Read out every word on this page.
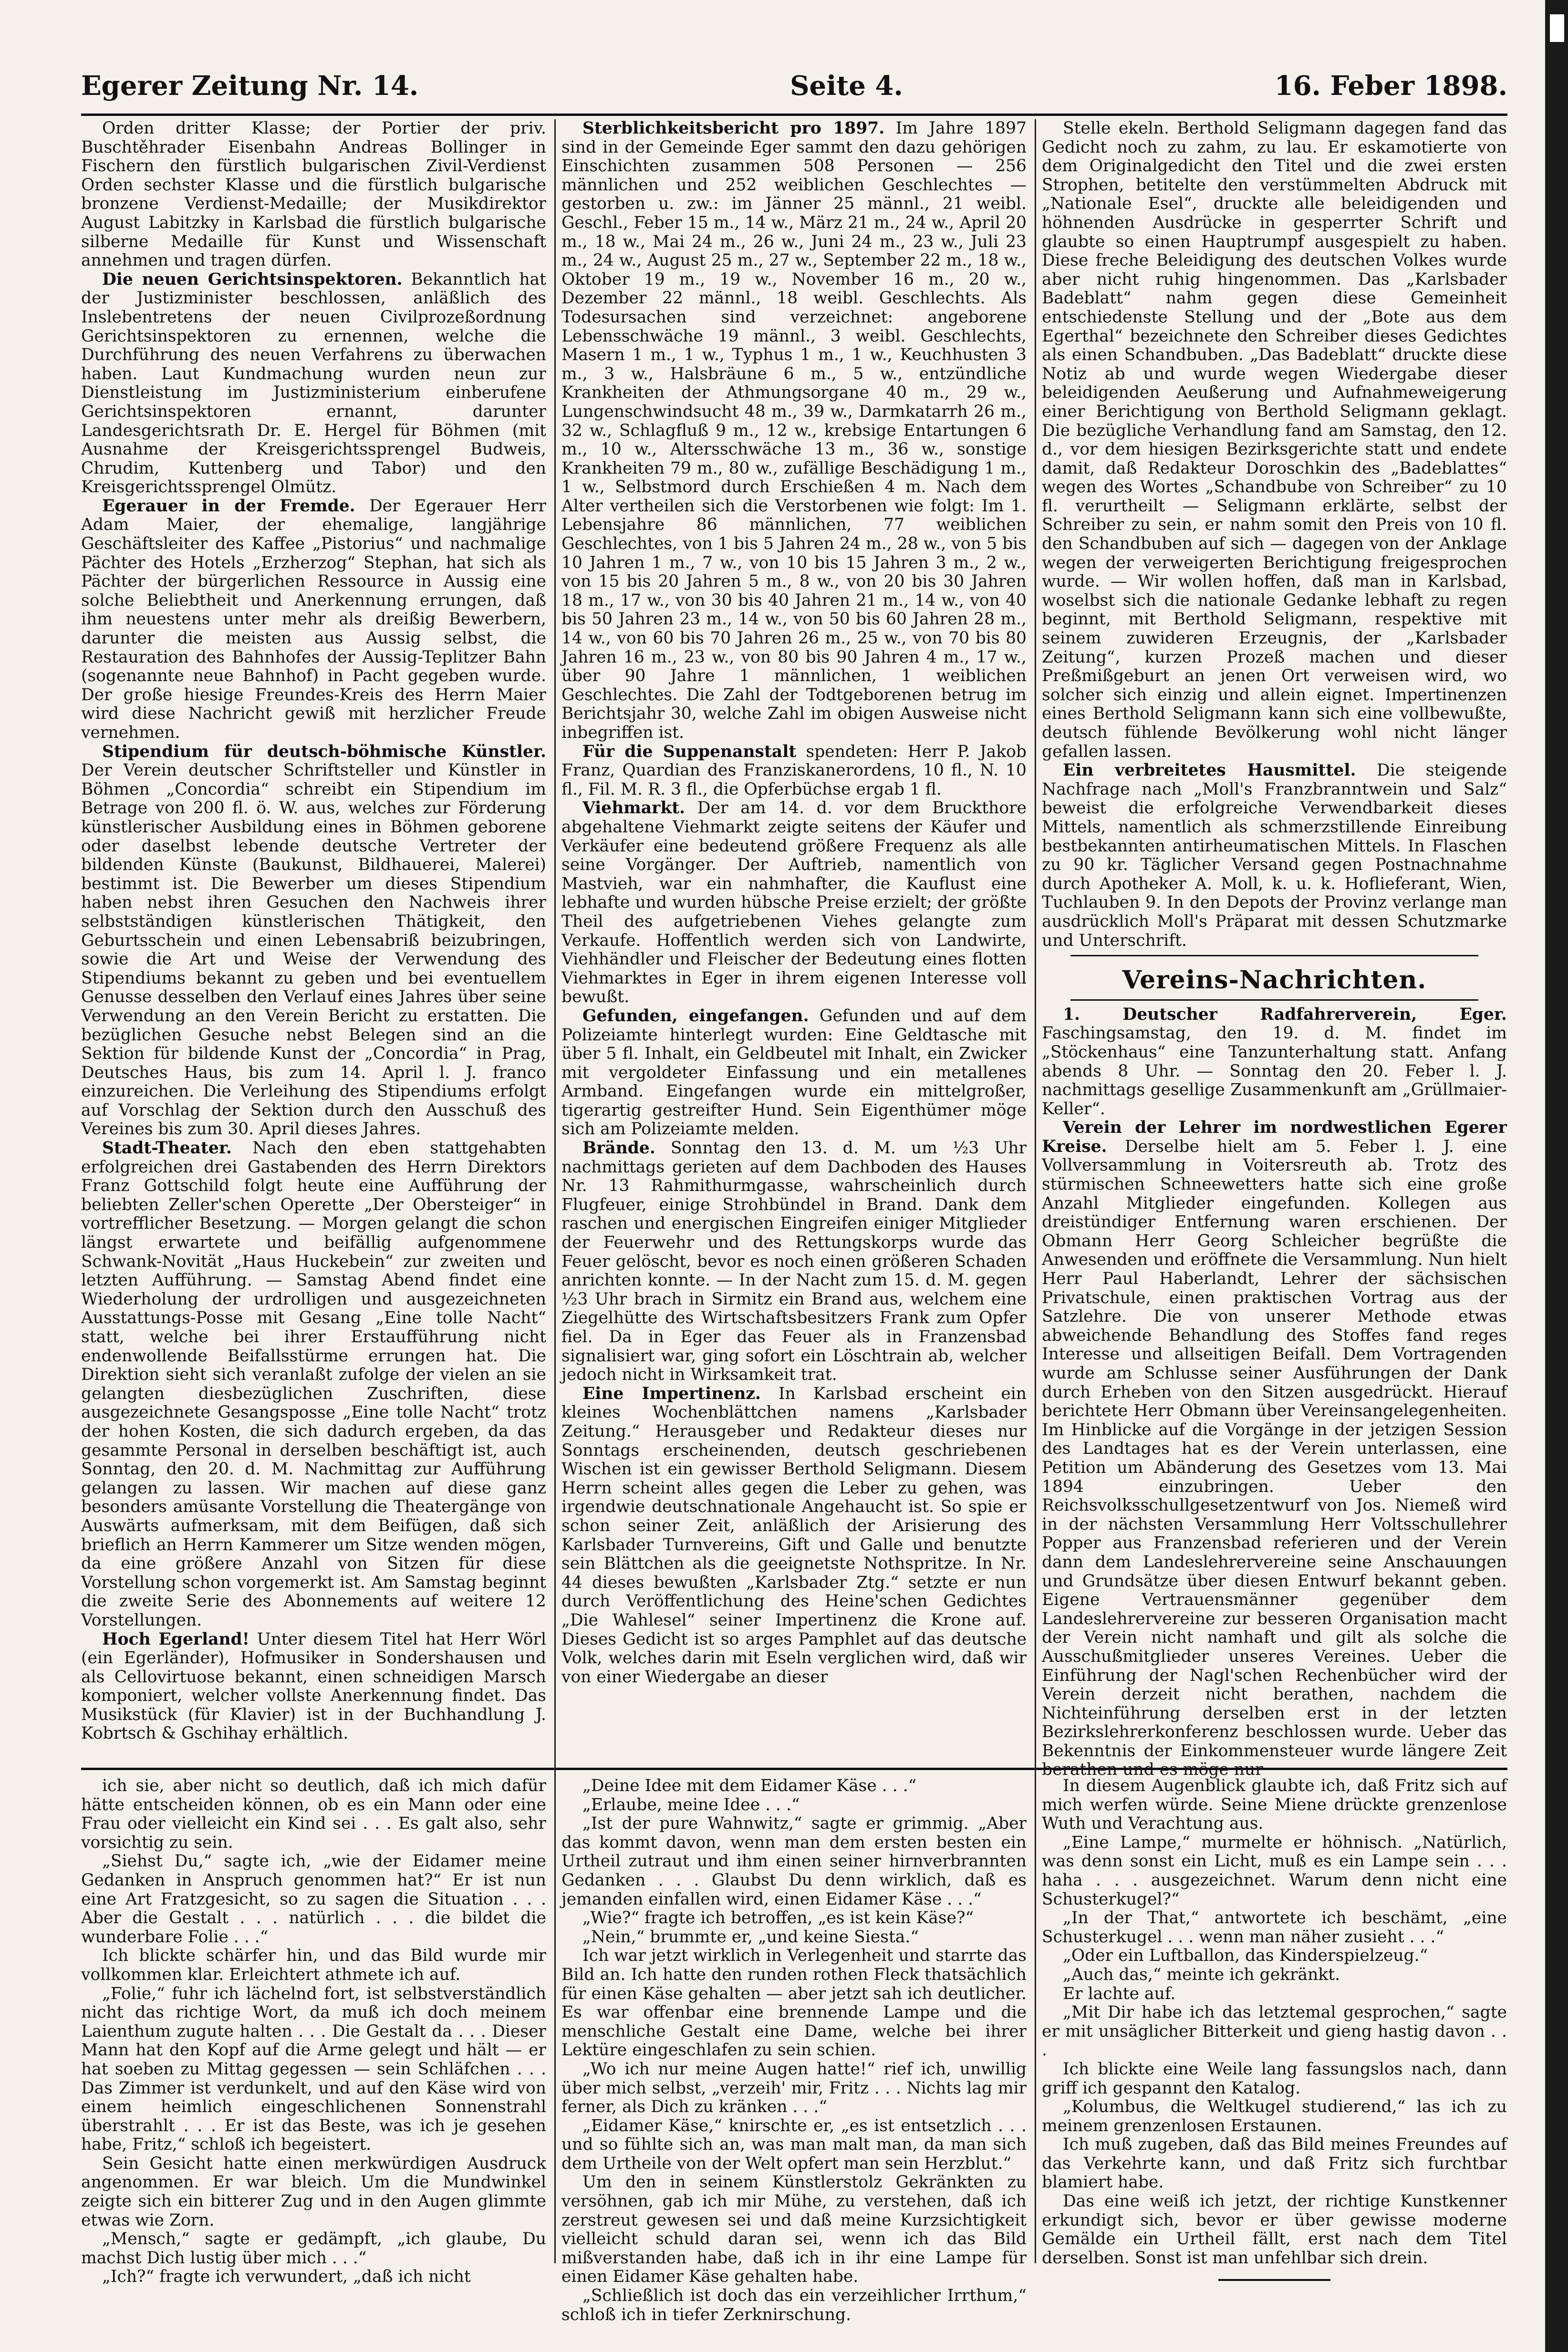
Egerer Zeitung Nr. 14.	Seite 4.	16. Feber 1898.

Orden dritter Klasse; der Portier der priv. Buschtěhrader Eisenbahn Andreas Bollinger in Fischern den fürstlich bulgarischen Zivil-Verdienst Orden sechster Klasse und die fürstlich bulgarische bronzene Verdienst-Medaille; der Musikdirektor August Labitzky in Karlsbad die fürstlich bulgarische silberne Medaille für Kunst und Wissenschaft annehmen und tragen dürfen.

Die neuen Gerichtsinspektoren. Bekanntlich hat der Justizminister beschlossen, anläßlich des Inslebentretens der neuen Civilprozeßordnung Gerichtsinspektoren zu ernennen, welche die Durchführung des neuen Verfahrens zu überwachen haben. Laut Kundmachung wurden neun zur Dienstleistung im Justizministerium einberufene Gerichtsinspektoren ernannt, darunter Landesgerichtsrath Dr. E. Hergel für Böhmen (mit Ausnahme der Kreisgerichtssprengel Budweis, Chrudim, Kuttenberg und Tabor) und den Kreisgerichtssprengel Olmütz.

Egerauer in der Fremde. Der Egerauer Herr Adam Maier, der ehemalige, langjährige Geschäftsleiter des Kaffee „Pistorius“ und nachmalige Pächter des Hotels „Erzherzog“ Stephan, hat sich als Pächter der bürgerlichen Ressource in Aussig eine solche Beliebtheit und Anerkennung errungen, daß ihm neuestens unter mehr als dreißig Bewerbern, darunter die meisten aus Aussig selbst, die Restauration des Bahnhofes der Aussig-Teplitzer Bahn (sogenannte neue Bahnhof) in Pacht gegeben wurde. Der große hiesige Freundes-Kreis des Herrn Maier wird diese Nachricht gewiß mit herzlicher Freude vernehmen.

Stipendium für deutsch-böhmische Künstler. Der Verein deutscher Schriftsteller und Künstler in Böhmen „Concordia“ schreibt ein Stipendium im Betrage von 200 fl. ö. W. aus, welches zur Förderung künstlerischer Ausbildung eines in Böhmen geborene oder daselbst lebende deutsche Vertreter der bildenden Künste (Baukunst, Bildhauerei, Malerei) bestimmt ist. Die Bewerber um dieses Stipendium haben nebst ihren Gesuchen den Nachweis ihrer selbstständigen künstlerischen Thätigkeit, den Geburtsschein und einen Lebensabriß beizubringen, sowie die Art und Weise der Verwendung des Stipendiums bekannt zu geben und bei eventuellem Genusse desselben den Verlauf eines Jahres über seine Verwendung an den Verein Bericht zu erstatten. Die bezüglichen Gesuche nebst Belegen sind an die Sektion für bildende Kunst der „Concordia“ in Prag, Deutsches Haus, bis zum 14. April l. J. franco einzureichen. Die Verleihung des Stipendiums erfolgt auf Vorschlag der Sektion durch den Ausschuß des Vereines bis zum 30. April dieses Jahres.

Stadt-Theater. Nach den eben stattgehabten erfolgreichen drei Gastabenden des Herrn Direktors Franz Gottschild folgt heute eine Aufführung der beliebten Zeller'schen Operette „Der Obersteiger“ in vortrefflicher Besetzung. — Morgen gelangt die schon längst erwartete und beifällig aufgenommene Schwank-Novität „Haus Huckebein“ zur zweiten und letzten Aufführung. — Samstag Abend findet eine Wiederholung der urdrolligen und ausgezeichneten Ausstattungs-Posse mit Gesang „Eine tolle Nacht“ statt, welche bei ihrer Erstaufführung nicht endenwollende Beifallsstürme errungen hat. Die Direktion sieht sich veranlaßt zufolge der vielen an sie gelangten diesbezüglichen Zuschriften, diese ausgezeichnete Gesangsposse „Eine tolle Nacht“ trotz der hohen Kosten, die sich dadurch ergeben, da das gesammte Personal in derselben beschäftigt ist, auch Sonntag, den 20. d. M. Nachmittag zur Aufführung gelangen zu lassen. Wir machen auf diese ganz besonders amüsante Vorstellung die Theatergänge von Auswärts aufmerksam, mit dem Beifügen, daß sich brieflich an Herrn Kammerer um Sitze wenden mögen, da eine größere Anzahl von Sitzen für diese Vorstellung schon vorgemerkt ist. Am Samstag beginnt die zweite Serie des Abonnements auf weitere 12 Vorstellungen.

Hoch Egerland! Unter diesem Titel hat Herr Wörl (ein Egerländer), Hofmusiker in Sondershausen und als Cellovirtuose bekannt, einen schneidigen Marsch komponiert, welcher vollste Anerkennung findet. Das Musikstück (für Klavier) ist in der Buchhandlung J. Kobrtsch & Gschihay erhältlich.

Sterblichkeitsbericht pro 1897. Im Jahre 1897 sind in der Gemeinde Eger sammt den dazu gehörigen Einschichten zusammen 508 Personen — 256 männlichen und 252 weiblichen Geschlechtes — gestorben u. zw.: im Jänner 25 männl., 21 weibl. Geschl., Feber 15 m., 14 w., März 21 m., 24 w., April 20 m., 18 w., Mai 24 m., 26 w., Juni 24 m., 23 w., Juli 23 m., 24 w., August 25 m., 27 w., September 22 m., 18 w., Oktober 19 m., 19 w., November 16 m., 20 w., Dezember 22 männl., 18 weibl. Geschlechts. Als Todesursachen sind verzeichnet: angeborene Lebensschwäche 19 männl., 3 weibl. Geschlechts, Masern 1 m., 1 w., Typhus 1 m., 1 w., Keuchhusten 3 m., 3 w., Halsbräune 6 m., 5 w., entzündliche Krankheiten der Athmungsorgane 40 m., 29 w., Lungenschwindsucht 48 m., 39 w., Darmkatarrh 26 m., 32 w., Schlagfluß 9 m., 12 w., krebsige Entartungen 6 m., 10 w., Altersschwäche 13 m., 36 w., sonstige Krankheiten 79 m., 80 w., zufällige Beschädigung 1 m., 1 w., Selbstmord durch Erschießen 4 m. Nach dem Alter vertheilen sich die Verstorbenen wie folgt: Im 1. Lebensjahre 86 männlichen, 77 weiblichen Geschlechtes, von 1 bis 5 Jahren 24 m., 28 w., von 5 bis 10 Jahren 1 m., 7 w., von 10 bis 15 Jahren 3 m., 2 w., von 15 bis 20 Jahren 5 m., 8 w., von 20 bis 30 Jahren 18 m., 17 w., von 30 bis 40 Jahren 21 m., 14 w., von 40 bis 50 Jahren 23 m., 14 w., von 50 bis 60 Jahren 28 m., 14 w., von 60 bis 70 Jahren 26 m., 25 w., von 70 bis 80 Jahren 16 m., 23 w., von 80 bis 90 Jahren 4 m., 17 w., über 90 Jahre 1 männlichen, 1 weiblichen Geschlechtes. Die Zahl der Todtgeborenen betrug im Berichtsjahr 30, welche Zahl im obigen Ausweise nicht inbegriffen ist.

Für die Suppenanstalt spendeten: Herr P. Jakob Franz, Quardian des Franziskanerordens, 10 fl., N. 10 fl., Fil. M. R. 3 fl., die Opferbüchse ergab 1 fl.

Viehmarkt. Der am 14. d. vor dem Bruckthore abgehaltene Viehmarkt zeigte seitens der Käufer und Verkäufer eine bedeutend größere Frequenz als alle seine Vorgänger. Der Auftrieb, namentlich von Mastvieh, war ein nahmhafter, die Kauflust eine lebhafte und wurden hübsche Preise erzielt; der größte Theil des aufgetriebenen Viehes gelangte zum Verkaufe. Hoffentlich werden sich von Landwirte, Viehhändler und Fleischer der Bedeutung eines flotten Viehmarktes in Eger in ihrem eigenen Interesse voll bewußt.

Gefunden, eingefangen. Gefunden und auf dem Polizeiamte hinterlegt wurden: Eine Geldtasche mit über 5 fl. Inhalt, ein Geldbeutel mit Inhalt, ein Zwicker mit vergoldeter Einfassung und ein metallenes Armband. Eingefangen wurde ein mittelgroßer, tigerartig gestreifter Hund. Sein Eigenthümer möge sich am Polizeiamte melden.

Brände. Sonntag den 13. d. M. um ½3 Uhr nachmittags gerieten auf dem Dachboden des Hauses Nr. 13 Rahmithurmgasse, wahrscheinlich durch Flugfeuer, einige Strohbündel in Brand. Dank dem raschen und energischen Eingreifen einiger Mitglieder der Feuerwehr und des Rettungskorps wurde das Feuer gelöscht, bevor es noch einen größeren Schaden anrichten konnte. — In der Nacht zum 15. d. M. gegen ½3 Uhr brach in Sirmitz ein Brand aus, welchem eine Ziegelhütte des Wirtschaftsbesitzers Frank zum Opfer fiel. Da in Eger das Feuer als in Franzensbad signalisiert war, ging sofort ein Löschtrain ab, welcher jedoch nicht in Wirksamkeit trat.

Eine Impertinenz. In Karlsbad erscheint ein kleines Wochenblättchen namens „Karlsbader Zeitung.“ Herausgeber und Redakteur dieses nur Sonntags erscheinenden, deutsch geschriebenen Wischen ist ein gewisser Berthold Seligmann. Diesem Herrn scheint alles gegen die Leber zu gehen, was irgendwie deutschnationale Angehaucht ist. So spie er schon seiner Zeit, anläßlich der Arisierung des Karlsbader Turnvereins, Gift und Galle und benutzte sein Blättchen als die geeignetste Nothspritze. In Nr. 44 dieses bewußten „Karlsbader Ztg.“ setzte er nun durch Veröffentlichung des Heine'schen Gedichtes „Die Wahlesel“ seiner Impertinenz die Krone auf. Dieses Gedicht ist so arges Pamphlet auf das deutsche Volk, welches darin mit Eseln verglichen wird, daß wir von einer Wiedergabe an dieser

Stelle ekeln. Berthold Seligmann dagegen fand das Gedicht noch zu zahm, zu lau. Er eskamotierte von dem Originalgedicht den Titel und die zwei ersten Strophen, betitelte den verstümmelten Abdruck mit „Nationale Esel“, druckte alle beleidigenden und höhnenden Ausdrücke in gesperrter Schrift und glaubte so einen Hauptrumpf ausgespielt zu haben. Diese freche Beleidigung des deutschen Volkes wurde aber nicht ruhig hingenommen. Das „Karlsbader Badeblatt“ nahm gegen diese Gemeinheit entschiedenste Stellung und der „Bote aus dem Egerthal“ bezeichnete den Schreiber dieses Gedichtes als einen Schandbuben. „Das Badeblatt“ druckte diese Notiz ab und wurde wegen Wiedergabe dieser beleidigenden Aeußerung und Aufnahmeweigerung einer Berichtigung von Berthold Seligmann geklagt. Die bezügliche Verhandlung fand am Samstag, den 12. d., vor dem hiesigen Bezirksgerichte statt und endete damit, daß Redakteur Doroschkin des „Badeblattes“ wegen des Wortes „Schandbube von Schreiber“ zu 10 fl. verurtheilt — Seligmann erklärte, selbst der Schreiber zu sein, er nahm somit den Preis von 10 fl. den Schandbuben auf sich — dagegen von der Anklage wegen der verweigerten Berichtigung freigesprochen wurde. — Wir wollen hoffen, daß man in Karlsbad, woselbst sich die nationale Gedanke lebhaft zu regen beginnt, mit Berthold Seligmann, respektive mit seinem zuwideren Erzeugnis, der „Karlsbader Zeitung“, kurzen Prozeß machen und dieser Preßmißgeburt an jenen Ort verweisen wird, wo solcher sich einzig und allein eignet. Impertinenzen eines Berthold Seligmann kann sich eine vollbewußte, deutsch fühlende Bevölkerung wohl nicht länger gefallen lassen.

Ein verbreitetes Hausmittel. Die steigende Nachfrage nach „Moll's Franzbranntwein und Salz“ beweist die erfolgreiche Verwendbarkeit dieses Mittels, namentlich als schmerzstillende Einreibung bestbekannten antirheumatischen Mittels. In Flaschen zu 90 kr. Täglicher Versand gegen Postnachnahme durch Apotheker A. Moll, k. u. k. Hoflieferant, Wien, Tuchlauben 9. In den Depots der Provinz verlange man ausdrücklich Moll's Präparat mit dessen Schutzmarke und Unterschrift.

Vereins-Nachrichten.

1. Deutscher Radfahrerverein, Eger. Faschingsamstag, den 19. d. M. findet im „Stöckenhaus“ eine Tanzunterhaltung statt. Anfang abends 8 Uhr. — Sonntag den 20. Feber l. J. nachmittags gesellige Zusammenkunft am „Grüllmaier-Keller“.

Verein der Lehrer im nordwestlichen Egerer Kreise. Derselbe hielt am 5. Feber l. J. eine Vollversammlung in Voitersreuth ab. Trotz des stürmischen Schneewetters hatte sich eine große Anzahl Mitglieder eingefunden. Kollegen aus dreistündiger Entfernung waren erschienen. Der Obmann Herr Georg Schleicher begrüßte die Anwesenden und eröffnete die Versammlung. Nun hielt Herr Paul Haberlandt, Lehrer der sächsischen Privatschule, einen praktischen Vortrag aus der Satzlehre. Die von unserer Methode etwas abweichende Behandlung des Stoffes fand reges Interesse und allseitigen Beifall. Dem Vortragenden wurde am Schlusse seiner Ausführungen der Dank durch Erheben von den Sitzen ausgedrückt. Hierauf berichtete Herr Obmann über Vereinsangelegenheiten. Im Hinblicke auf die Vorgänge in der jetzigen Session des Landtages hat es der Verein unterlassen, eine Petition um Abänderung des Gesetzes vom 13. Mai 1894 einzubringen. Ueber den Reichsvolksschullgesetzentwurf von Jos. Niemeß wird in der nächsten Versammlung Herr Voltsschullehrer Popper aus Franzensbad referieren und der Verein dann dem Landeslehrervereine seine Anschauungen und Grundsätze über diesen Entwurf bekannt geben. Eigene Vertrauensmänner gegenüber dem Landeslehrervereine zur besseren Organisation macht der Verein nicht namhaft und gilt als solche die Ausschußmitglieder unseres Vereines. Ueber die Einführung der Nagl'schen Rechenbücher wird der Verein derzeit nicht berathen, nachdem die Nichteinführung derselben erst in der letzten Bezirkslehrerkonferenz beschlossen wurde. Ueber das Bekenntnis der Einkommensteuer wurde längere Zeit

ich sie, aber nicht so deutlich, daß ich mich dafür hätte entscheiden können, ob es ein Mann oder eine Frau oder vielleicht ein Kind sei . . . Es galt also, sehr vorsichtig zu sein.

„Siehst Du,“ sagte ich, „wie der Eidamer meine Gedanken in Anspruch genommen hat?“ Er ist nun eine Art Fratzgesicht, so zu sagen die Situation . . . Aber die Gestalt . . . natürlich . . . die bildet die wunderbare Folie . . .“

Ich blickte schärfer hin, und das Bild wurde mir vollkommen klar. Erleichtert athmete ich auf.

„Folie,“ fuhr ich lächelnd fort, ist selbstverständlich nicht das richtige Wort, da muß ich doch meinem Laienthum zugute halten . . . Die Gestalt da . . . Dieser Mann hat den Kopf auf die Arme gelegt und hält — er hat soeben zu Mittag gegessen — sein Schläfchen . . . Das Zimmer ist verdunkelt, und auf den Käse wird von einem heimlich eingeschlichenen Sonnenstrahl überstrahlt . . . Er ist das Beste, was ich je gesehen habe, Fritz,“ schloß ich begeistert.

Sein Gesicht hatte einen merkwürdigen Ausdruck angenommen. Er war bleich. Um die Mundwinkel zeigte sich ein bitterer Zug und in den Augen glimmte etwas wie Zorn.

„Mensch,“ sagte er gedämpft, „ich glaube, Du machst Dich lustig über mich . . .“

„Ich?“ fragte ich verwundert, „daß ich nicht

„Deine Idee mit dem Eidamer Käse . . .“

„Erlaube, meine Idee . . .“

„Ist der pure Wahnwitz,“ sagte er grimmig. „Aber das kommt davon, wenn man dem ersten besten ein Urtheil zutraut und ihm einen seiner hirnverbrannten Gedanken . . . Glaubst Du denn wirklich, daß es jemanden einfallen wird, einen Eidamer Käse . . .“

„Wie?“ fragte ich betroffen, „es ist kein Käse?“

„Nein,“ brummte er, „und keine Siesta.“

Ich war jetzt wirklich in Verlegenheit und starrte das Bild an. Ich hatte den runden rothen Fleck thatsächlich für einen Käse gehalten — aber jetzt sah ich deutlicher. Es war offenbar eine brennende Lampe und die menschliche Gestalt eine Dame, welche bei ihrer Lektüre eingeschlafen zu sein schien.

„Wo ich nur meine Augen hatte!“ rief ich, unwillig über mich selbst, „verzeih' mir, Fritz . . . Nichts lag mir ferner, als Dich zu kränken . . .“

„Eidamer Käse,“ knirschte er, „es ist entsetzlich . . . und so fühlte sich an, was man malt man, da man sich dem Urtheile von der Welt opfert man sein Herzblut.“

Um den in seinem Künstlerstolz Gekränkten zu versöhnen, gab ich mir Mühe, zu verstehen, daß ich zerstreut gewesen sei und daß meine Kurzsichtigkeit vielleicht schuld daran sei, wenn ich das Bild mißverstanden habe, daß ich in ihr eine Lampe für einen Eidamer Käse gehalten habe.

„Schließlich ist doch das ein verzeihlicher Irrthum,“ schloß ich in tiefer Zerknirschung.

In diesem Augenblick glaubte ich, daß Fritz sich auf mich werfen würde. Seine Miene drückte grenzenlose Wuth und Verachtung aus.

„Eine Lampe,“ murmelte er höhnisch. „Natürlich, was denn sonst ein Licht, muß es ein Lampe sein . . . haha . . . ausgezeichnet. Warum denn nicht eine Schusterkugel?“

„In der That,“ antwortete ich beschämt, „eine Schusterkugel . . . wenn man näher zusieht . . .“

„Oder ein Luftballon, das Kinderspielzeug.“

„Auch das,“ meinte ich gekränkt.

Er lachte auf.

„Mit Dir habe ich das letztemal gesprochen,“ sagte er mit unsäglicher Bitterkeit und gieng hastig davon . . .

Ich blickte eine Weile lang fassungslos nach, dann griff ich gespannt den Katalog.

„Kolumbus, die Weltkugel studierend,“ las ich zu meinem grenzenlosen Erstaunen.

Ich muß zugeben, daß das Bild meines Freundes auf das Verkehrte kann, und daß Fritz sich furchtbar blamiert habe.

Das eine weiß ich jetzt, der richtige Kunstkenner erkundigt sich, bevor er über gewisse moderne Gemälde ein Urtheil fällt, erst nach dem Titel derselben. Sonst ist man unfehlbar sich drein.
